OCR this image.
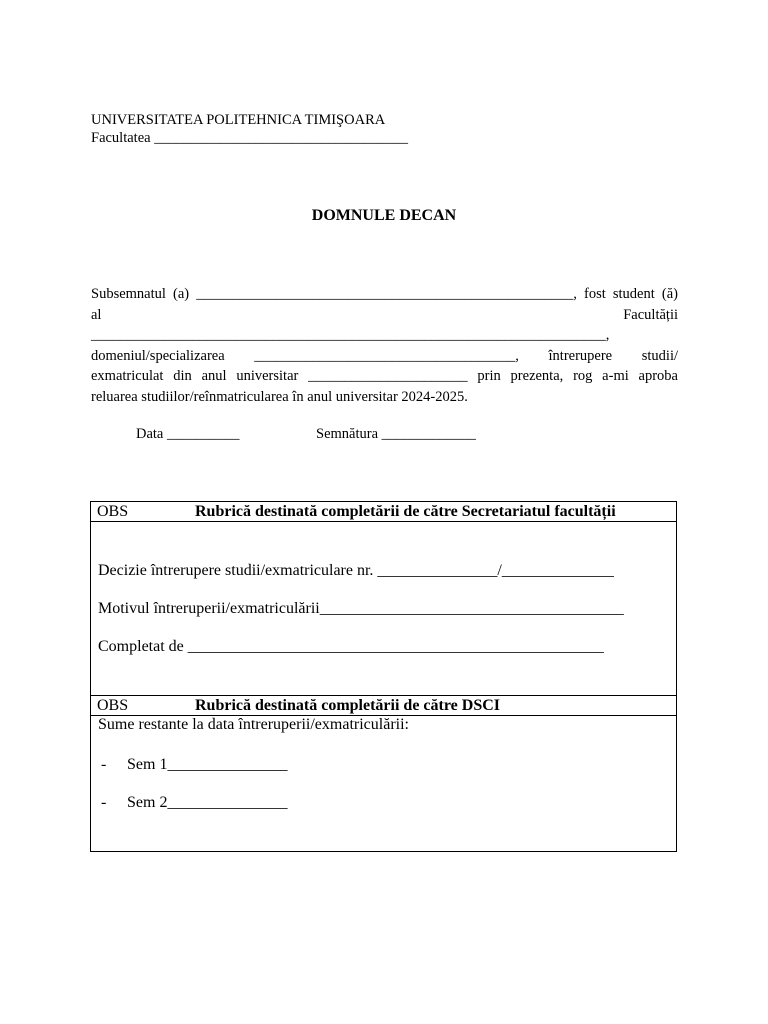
UNIVERSITATEA POLITEHNICA TIMIŞOARA
Facultatea ___________________________________
DOMNULE DECAN
Subsemnatul (a) ____________________________________________________, fost student (ă)
al	Facultății
_______________________________________________________________________,
domeniul/specializarea ____________________________________, întrerupere studii/
exmatriculat din anul universitar ______________________ prin prezenta, rog a-mi aproba
reluarea studiilor/reînmatricularea în anul universitar 2024-2025.
Data __________	Semnătura _____________
OBS	Rubrică destinată completării de către Secretariatul facultății
Decizie întrerupere studii/exmatriculare nr. _______________/______________
Motivul întreruperii/exmatriculării______________________________________
Completat de ____________________________________________________
OBS	Rubrică destinată completării de către DSCI
Sume restante la data întreruperii/exmatriculării:
- Sem 1_______________
- Sem 2_______________
